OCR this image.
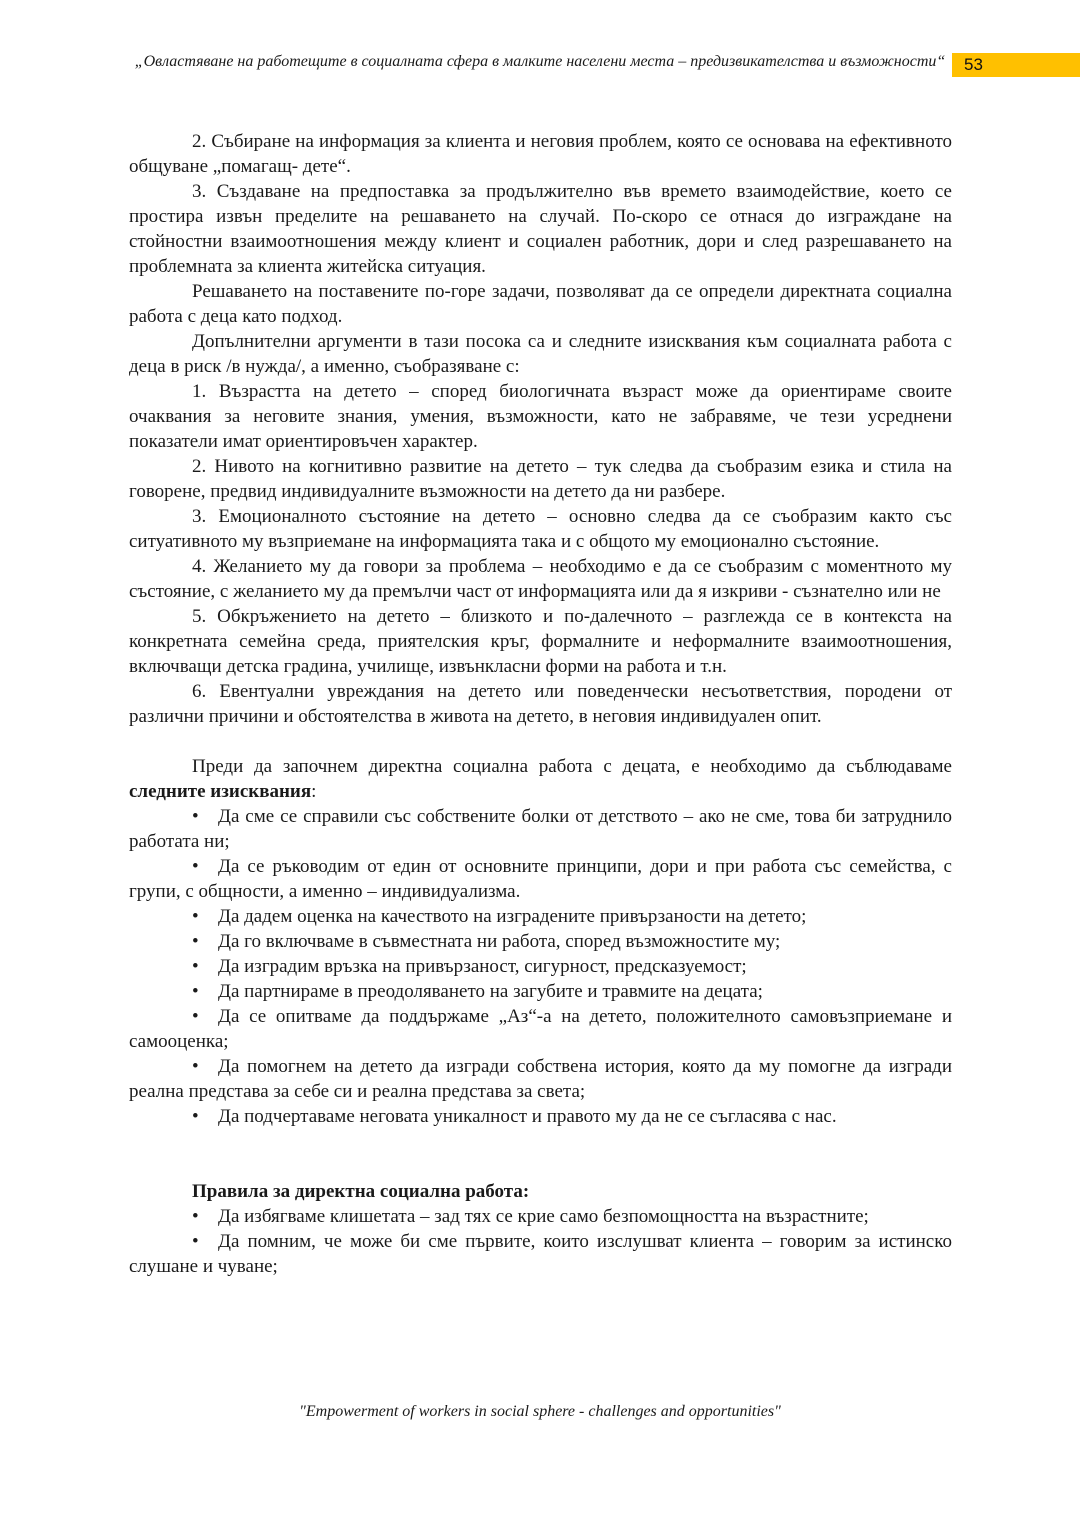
„Овластяване на работещите в социалната сфера в малките населени места – предизвикателства и възможности“	53

2. Събиране на информация за клиента и неговия проблем, която се основава на ефективното общуване „помагащ- дете“.

3. Създаване на предпоставка за продължително във времето взаимодействие, което се простира извън пределите на решаването на случай. По-скоро се отнася до изграждане на стойностни взаимоотношения между клиент и социален работник, дори и след разрешаването на проблемната за клиента житейска ситуация.

Решаването на поставените по-горе задачи, позволяват да се определи директната социална работа с деца като подход.

Допълнителни аргументи в тази посока са и следните изисквания към социалната работа с деца в риск /в нужда/, а именно, съобразяване с:

1. Възрастта на детето – според биологичната възраст може да ориентираме своите очаквания за неговите знания, умения, възможности, като не забравяме, че тези усреднени показатели имат ориентировъчен характер.

2. Нивото на когнитивно развитие на детето – тук следва да съобразим езика и стила на говорене, предвид индивидуалните възможности на детето да ни разбере.

3. Емоционалното състояние на детето – основно следва да се съобразим както със ситуативното му възприемане на информацията така и с общото му емоционално състояние.

4. Желанието му да говори за проблема – необходимо е да се съобразим с моментното му състояние, с желанието му да премълчи част от информацията или да я изкриви - съзнателно или не

5. Обкръжението на детето – близкото и по-далечното – разглежда се в контекста на конкретната семейна среда, приятелския кръг, формалните и неформалните взаимоотношения, включващи детска градина, училище, извънкласни форми на работа и т.н.

6. Евентуални увреждания на детето или поведенчески несъответствия, породени от различни причини и обстоятелства в живота на детето, в неговия индивидуален опит.

Преди да започнем директна социална работа с децата, е необходимо да съблюдаваме следните изисквания:

• Да сме се справили със собствените болки от детството – ако не сме, това би затруднило работата ни;

• Да се ръководим от един от основните принципи, дори и при работа със семейства, с групи, с общности, а именно – индивидуализма.

• Да дадем оценка на качеството на изградените привързаности на детето;

• Да го включваме в съвместната ни работа, според възможностите му;

• Да изградим връзка на привързаност, сигурност, предсказуемост;

• Да партнираме в преодоляването на загубите и травмите на децата;

• Да се опитваме да поддържаме „Аз“-а на детето, положителното самовъзприемане и самооценка;

• Да помогнем на детето да изгради собствена история, която да му помогне да изгради реална представа за себе си и реална представа за света;

• Да подчертаваме неговата уникалност и правото му да не се съгласява с нас.

Правила за директна социална работа:

• Да избягваме клишетата – зад тях се крие само безпомощността на възрастните;

• Да помним, че може би сме първите, които изслушват клиента – говорим за истинско слушане и чуване;

"Empowerment of workers in social sphere - challenges and opportunities"
